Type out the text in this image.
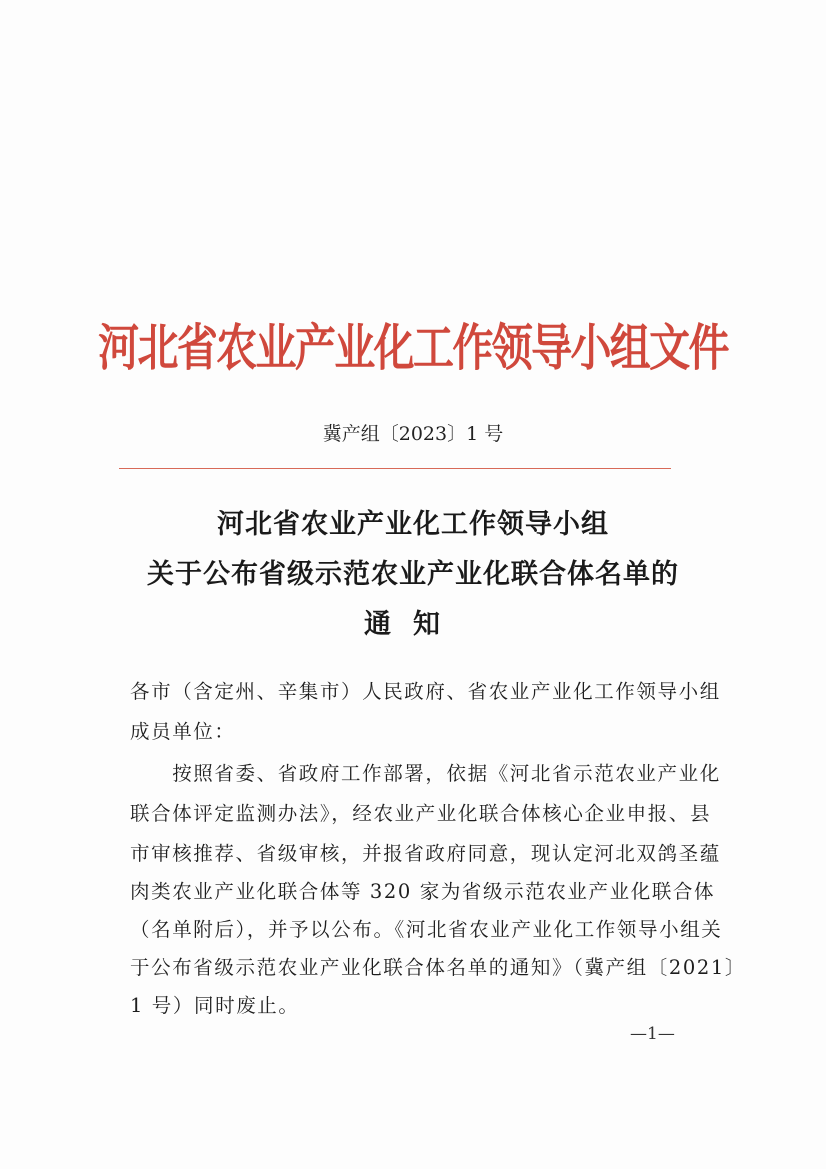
河北省农业产业化工作领导小组文件
冀产组〔2023〕1 号
河北省农业产业化工作领导小组
关于公布省级示范农业产业化联合体名单的
通知
各市（含定州、辛集市）人民政府、省农业产业化工作领导小组
成员单位：
　　按照省委、省政府工作部署，依据《河北省示范农业产业化
联合体评定监测办法》，经农业产业化联合体核心企业申报、县
市审核推荐、省级审核，并报省政府同意，现认定河北双鸽圣蕴
肉类农业产业化联合体等 320 家为省级示范农业产业化联合体
（名单附后），并予以公布。《河北省农业产业化工作领导小组关
于公布省级示范农业产业化联合体名单的通知》（冀产组〔2021〕
1 号）同时废止。
—1—
